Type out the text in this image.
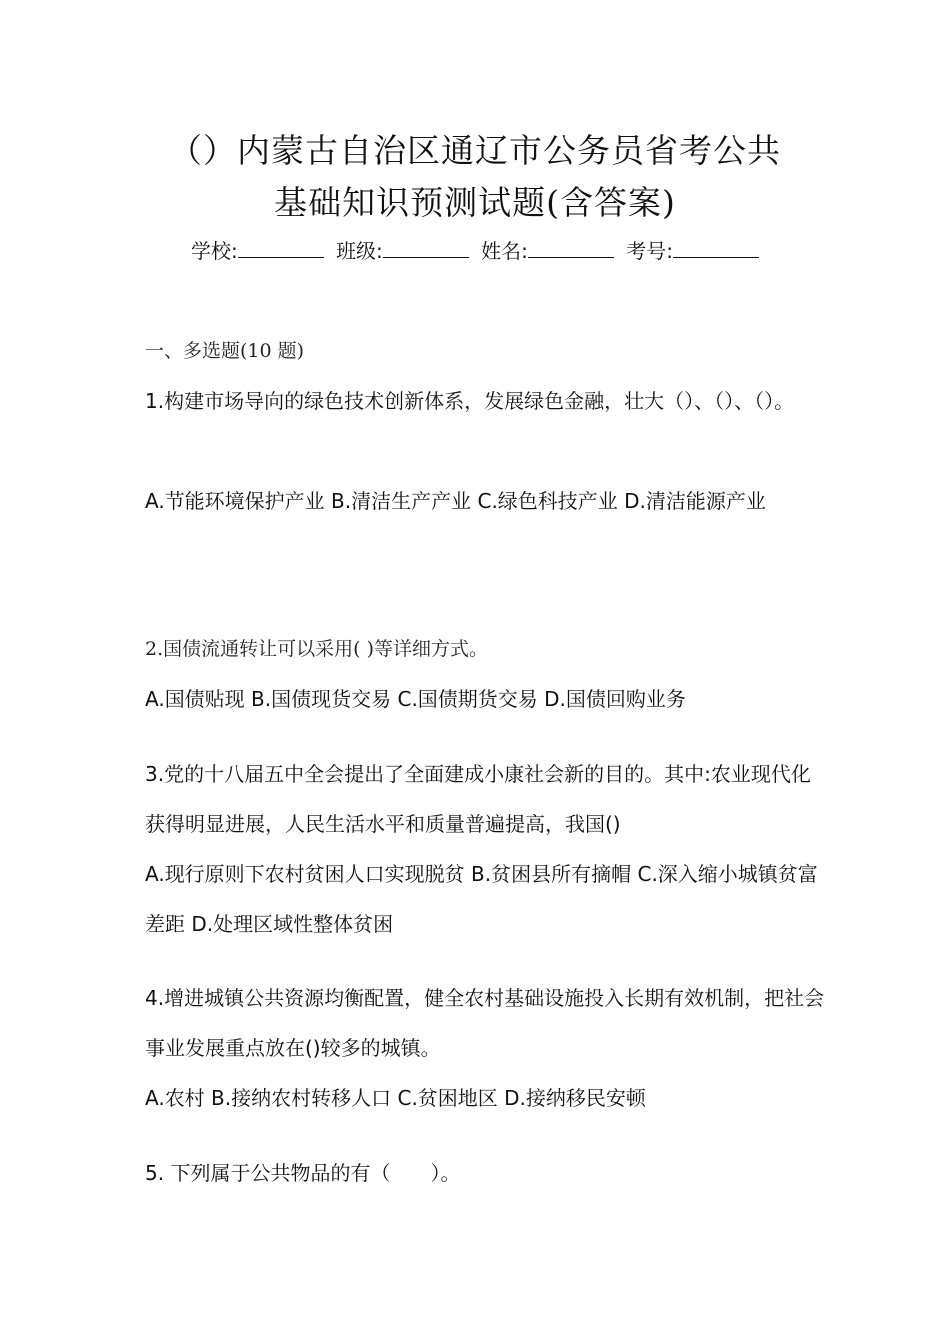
（）内蒙古自治区通辽市公务员省考公共
基础知识预测试题(含答案)
学校:	班级:	姓名:	考号:
一、多选题(10 题)

1.构建市场导向的绿色技术创新体系，发展绿色金融，壮大（）、（）、（）。

A.节能环境保护产业 B.清洁生产产业 C.绿色科技产业 D.清洁能源产业

2.国债流通转让可以采用( )等详细方式。

A.国债贴现 B.国债现货交易 C.国债期货交易 D.国债回购业务

3.党的十八届五中全会提出了全面建成小康社会新的目的。其中:农业现代化获得明显进展，人民生活水平和质量普遍提高，我国()

A.现行原则下农村贫困人口实现脱贫 B.贫困县所有摘帽 C.深入缩小城镇贫富差距 D.处理区域性整体贫困

4.增进城镇公共资源均衡配置，健全农村基础设施投入长期有效机制，把社会事业发展重点放在()较多的城镇。

A.农村 B.接纳农村转移人口 C.贫困地区 D.接纳移民安顿

5. 下列属于公共物品的有（　　）。
